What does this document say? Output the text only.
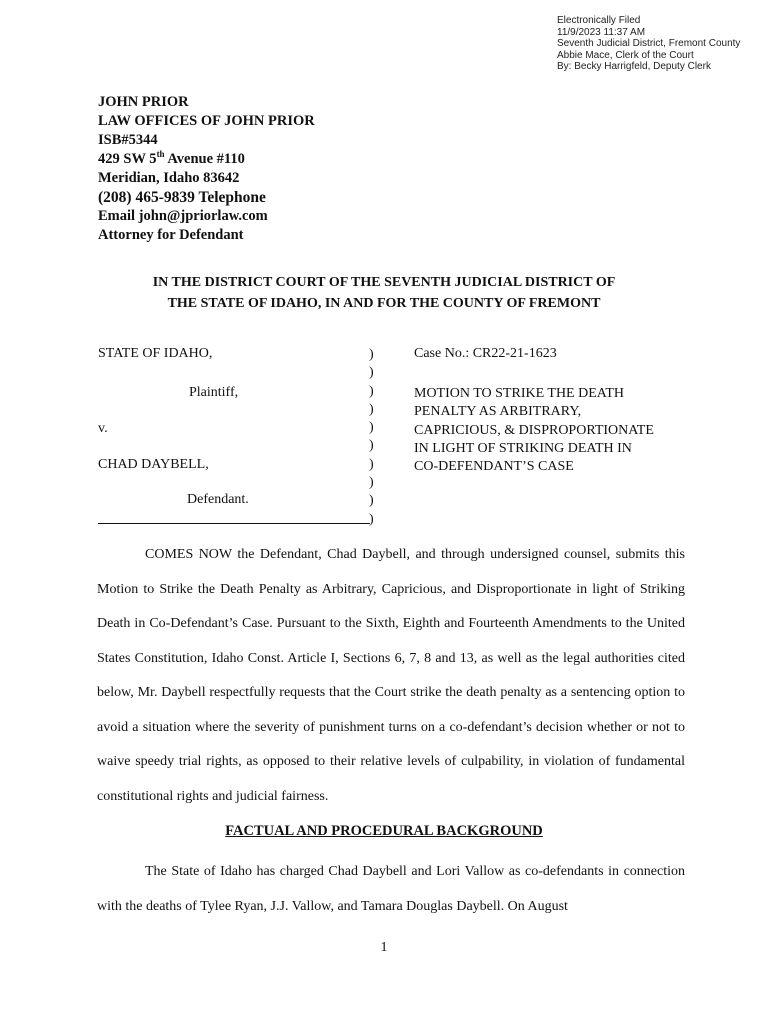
Electronically Filed
11/9/2023 11:37 AM
Seventh Judicial District, Fremont County
Abbie Mace, Clerk of the Court
By: Becky Harrigfeld, Deputy Clerk
JOHN PRIOR
LAW OFFICES OF JOHN PRIOR
ISB#5344
429 SW 5th Avenue #110
Meridian, Idaho 83642
(208) 465-9839 Telephone
Email john@jpriorlaw.com
Attorney for Defendant
IN THE DISTRICT COURT OF THE SEVENTH JUDICIAL DISTRICT OF
THE STATE OF IDAHO, IN AND FOR THE COUNTY OF FREMONT
STATE OF IDAHO,
Plaintiff,
v.
CHAD DAYBELL,
Defendant.
)
)
)
)
)
)
)
)
)
)
Case No.: CR22-21-1623
MOTION TO STRIKE THE DEATH
PENALTY AS ARBITRARY,
CAPRICIOUS, & DISPROPORTIONATE
IN LIGHT OF STRIKING DEATH IN
CO-DEFENDANT’S CASE

COMES NOW the Defendant, Chad Daybell, and through undersigned counsel, submits this Motion to Strike the Death Penalty as Arbitrary, Capricious, and Disproportionate in light of Striking Death in Co-Defendant’s Case. Pursuant to the Sixth, Eighth and Fourteenth Amendments to the United States Constitution, Idaho Const. Article I, Sections 6, 7, 8 and 13, as well as the legal authorities cited below, Mr. Daybell respectfully requests that the Court strike the death penalty as a sentencing option to avoid a situation where the severity of punishment turns on a co-defendant’s decision whether or not to waive speedy trial rights, as opposed to their relative levels of culpability, in violation of fundamental constitutional rights and judicial fairness.

FACTUAL AND PROCEDURAL BACKGROUND

The State of Idaho has charged Chad Daybell and Lori Vallow as co-defendants in connection with the deaths of Tylee Ryan, J.J. Vallow, and Tamara Douglas Daybell. On August

1
